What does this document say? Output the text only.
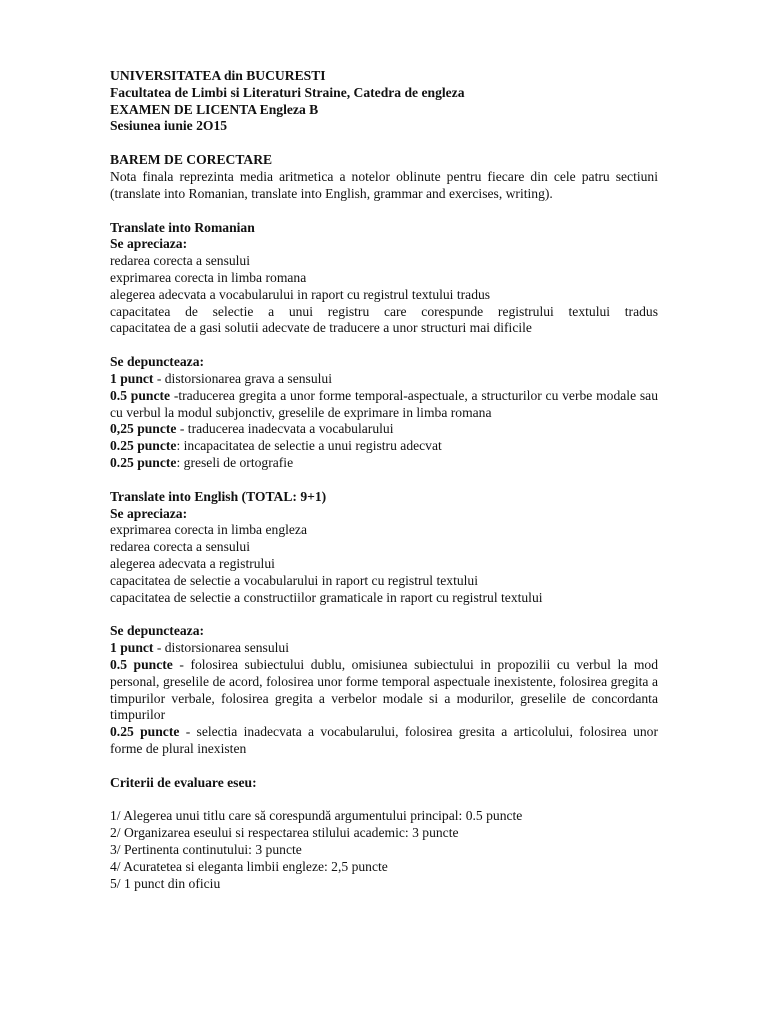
UNIVERSITATEA din BUCURESTI

Facultatea de Limbi si Literaturi Straine, Catedra de engleza

EXAMEN DE LICENTA Engleza B

Sesiunea iunie 2O15

BAREM DE CORECTARE

Nota finala reprezinta media aritmetica a notelor oblinute pentru fiecare din cele patru sectiuni (translate into Romanian, translate into English, grammar and exercises, writing).

Translate into Romanian

Se apreciaza:

redarea corecta a sensului

exprimarea corecta in limba romana

alegerea adecvata a vocabularului in raport cu registrul textului tradus

capacitatea de selectie a unui registru care corespunde registrului textului tradus

capacitatea de a gasi solutii adecvate de traducere a unor structuri mai dificile

Se depuncteaza:

1 punct - distorsionarea grava a sensului

0.5 puncte -traducerea gregita a unor forme temporal-aspectuale, a structurilor cu verbe modale sau cu verbul la modul subjonctiv, greselile de exprimare in limba romana

0,25 puncte - traducerea inadecvata a vocabularului

0.25 puncte: incapacitatea de selectie a unui registru adecvat

0.25 puncte: greseli de ortografie

Translate into English (TOTAL: 9+1)

Se apreciaza:

exprimarea corecta in limba engleza

redarea corecta a sensului

alegerea adecvata a registrului

capacitatea de selectie a vocabularului in raport cu registrul textului

capacitatea de selectie a constructiilor gramaticale in raport cu registrul textului

Se depuncteaza:

1 punct - distorsionarea sensului

0.5 puncte - folosirea subiectului dublu, omisiunea subiectului in propozilii cu verbul la mod personal, greselile de acord, folosirea unor forme temporal aspectuale inexistente, folosirea gregita a timpurilor verbale, folosirea gregita a verbelor modale si a modurilor, greselile de concordanta timpurilor

0.25 puncte - selectia inadecvata a vocabularului, folosirea gresita a articolului, folosirea unor forme de plural inexisten

Criterii de evaluare eseu:

1/ Alegerea unui titlu care să corespundă argumentului principal: 0.5 puncte

2/ Organizarea eseului si respectarea stilului academic: 3 puncte

3/ Pertinenta continutului: 3 puncte

4/ Acuratetea si eleganta limbii engleze: 2,5 puncte

5/ 1 punct din oficiu
